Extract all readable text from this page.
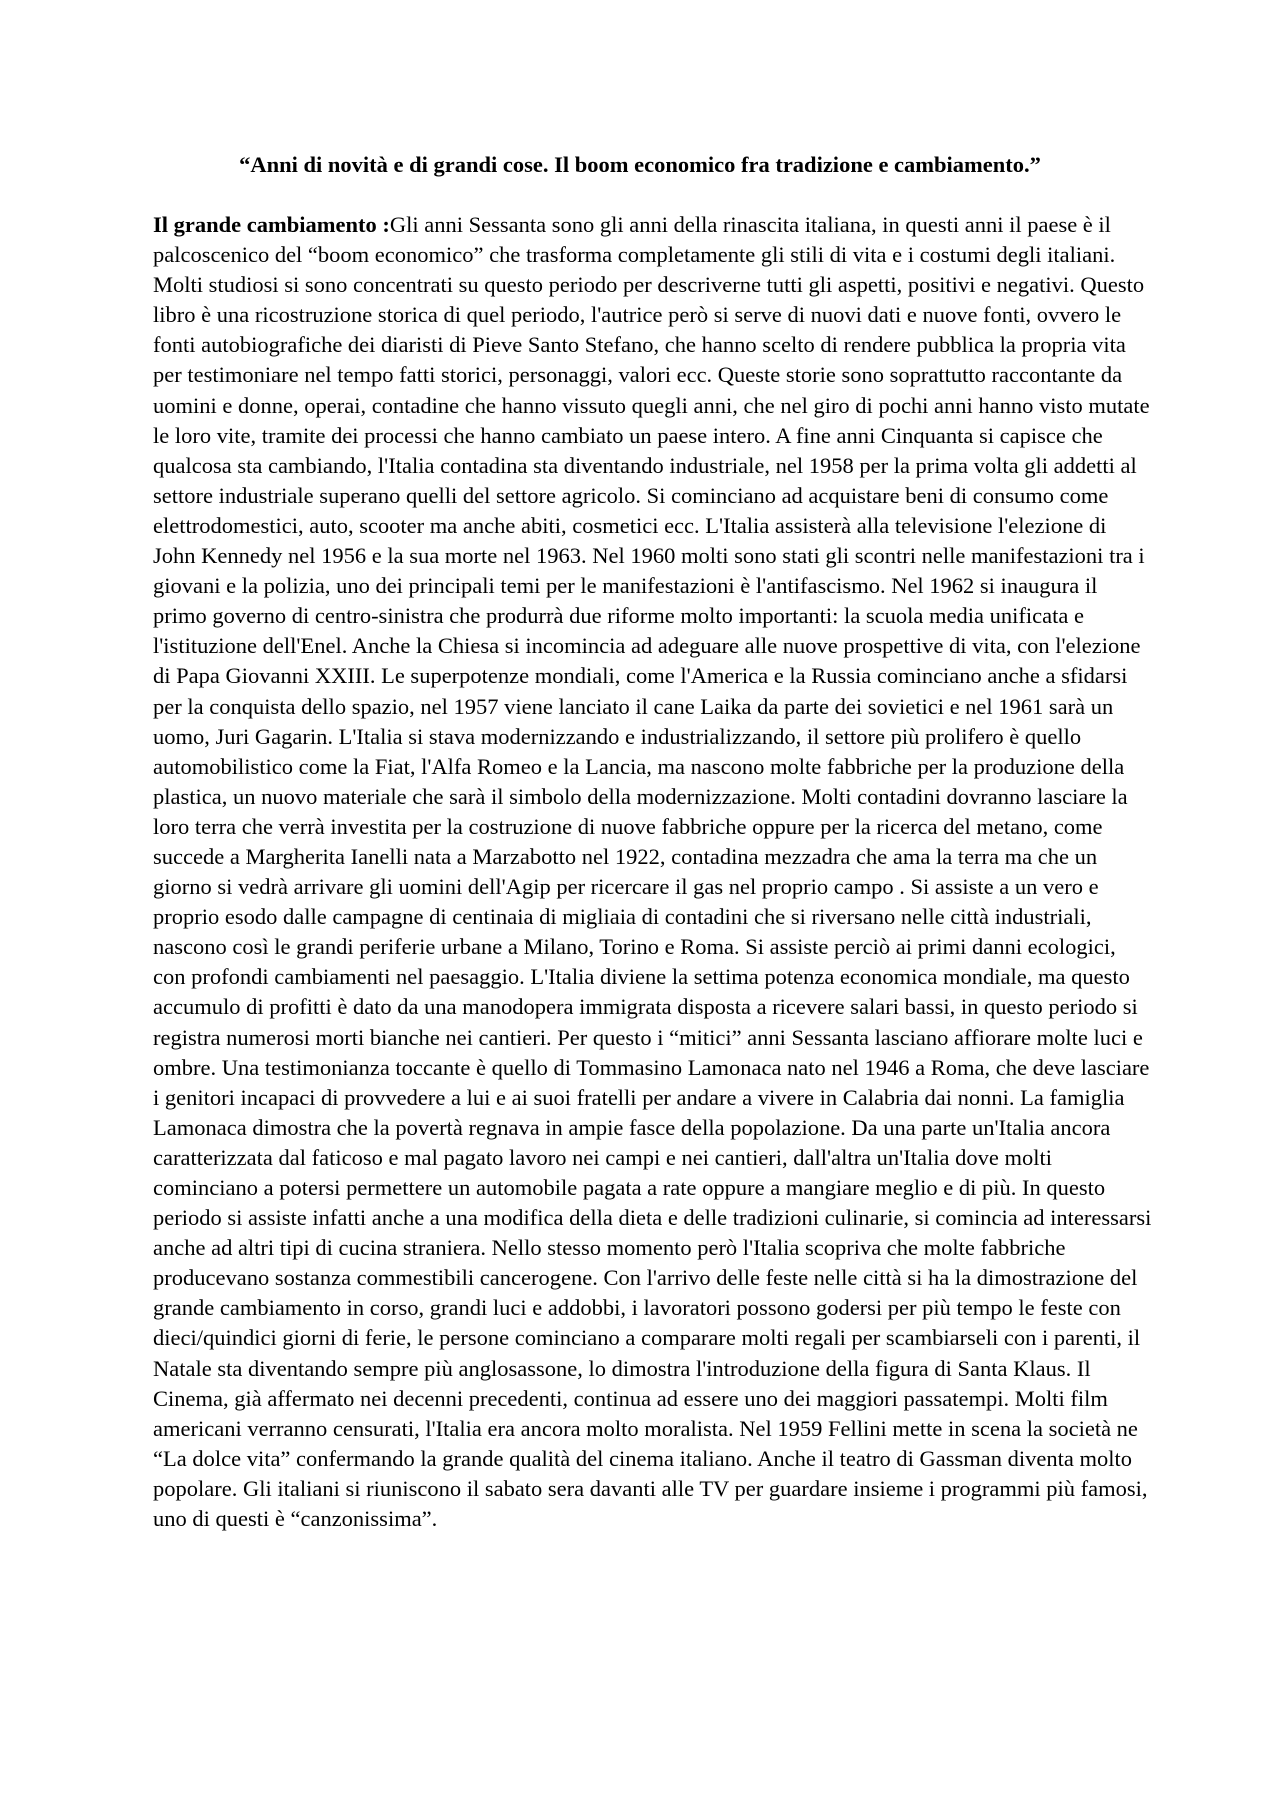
“Anni di novità e di grandi cose. Il boom economico fra tradizione e cambiamento.”

Il grande cambiamento :Gli anni Sessanta sono gli anni della rinascita italiana, in questi anni il paese è il palcoscenico del “boom economico” che trasforma completamente gli stili di vita e i costumi degli italiani. Molti studiosi si sono concentrati su questo periodo per descriverne tutti gli aspetti, positivi e negativi. Questo libro è una ricostruzione storica di quel periodo, l'autrice però si serve di nuovi dati e nuove fonti, ovvero le fonti autobiografiche dei diaristi di Pieve Santo Stefano, che hanno scelto di rendere pubblica la propria vita per testimoniare nel tempo fatti storici, personaggi, valori ecc. Queste storie sono soprattutto raccontante da uomini e donne, operai, contadine che hanno vissuto quegli anni, che nel giro di pochi anni hanno visto mutate le loro vite, tramite dei processi che hanno cambiato un paese intero. A fine anni Cinquanta si capisce che qualcosa sta cambiando, l'Italia contadina sta diventando industriale, nel 1958 per la prima volta gli addetti al settore industriale superano quelli del settore agricolo. Si cominciano ad acquistare beni di consumo come elettrodomestici, auto, scooter ma anche abiti, cosmetici ecc. L'Italia assisterà alla televisione l'elezione di John Kennedy nel 1956 e la sua morte nel 1963. Nel 1960 molti sono stati gli scontri nelle manifestazioni tra i giovani e la polizia, uno dei principali temi per le manifestazioni è l'antifascismo. Nel 1962 si inaugura il primo governo di centro-sinistra che produrrà due riforme molto importanti: la scuola media unificata e l'istituzione dell'Enel. Anche la Chiesa si incomincia ad adeguare alle nuove prospettive di vita, con l'elezione di Papa Giovanni XXIII. Le superpotenze mondiali, come l'America e la Russia cominciano anche a sfidarsi per la conquista dello spazio, nel 1957 viene lanciato il cane Laika da parte dei sovietici e nel 1961 sarà un uomo, Juri Gagarin. L'Italia si stava modernizzando e industrializzando, il settore più prolifero è quello automobilistico come la Fiat, l'Alfa Romeo e la Lancia, ma nascono molte fabbriche per la produzione della plastica, un nuovo materiale che sarà il simbolo della modernizzazione. Molti contadini dovranno lasciare la loro terra che verrà investita per la costruzione di nuove fabbriche oppure per la ricerca del metano, come succede a Margherita Ianelli nata a Marzabotto nel 1922, contadina mezzadra che ama la terra ma che un giorno si vedrà arrivare gli uomini dell'Agip per ricercare il gas nel proprio campo . Si assiste a un vero e proprio esodo dalle campagne di centinaia di migliaia di contadini che si riversano nelle città industriali, nascono così le grandi periferie urbane a Milano, Torino e Roma. Si assiste perciò ai primi danni ecologici, con profondi cambiamenti nel paesaggio. L'Italia diviene la settima potenza economica mondiale, ma questo accumulo di profitti è dato da una manodopera immigrata disposta a ricevere salari bassi, in questo periodo si registra numerosi morti bianche nei cantieri. Per questo i “mitici” anni Sessanta lasciano affiorare molte luci e ombre. Una testimonianza toccante è quello di Tommasino Lamonaca nato nel 1946 a Roma, che deve lasciare i genitori incapaci di provvedere a lui e ai suoi fratelli per andare a vivere in Calabria dai nonni. La famiglia Lamonaca dimostra che la povertà regnava in ampie fasce della popolazione. Da una parte un'Italia ancora caratterizzata dal faticoso e mal pagato lavoro nei campi e nei cantieri, dall'altra un'Italia dove molti cominciano a potersi permettere un automobile pagata a rate oppure a mangiare meglio e di più. In questo periodo si assiste infatti anche a una modifica della dieta e delle tradizioni culinarie, si comincia ad interessarsi anche ad altri tipi di cucina straniera. Nello stesso momento però l'Italia scopriva che molte fabbriche producevano sostanza commestibili cancerogene. Con l'arrivo delle feste nelle città si ha la dimostrazione del grande cambiamento in corso, grandi luci e addobbi, i lavoratori possono godersi per più tempo le feste con dieci/quindici giorni di ferie, le persone cominciano a comparare molti regali per scambiarseli con i parenti, il Natale sta diventando sempre più anglosassone, lo dimostra l'introduzione della figura di Santa Klaus. Il Cinema, già affermato nei decenni precedenti, continua ad essere uno dei maggiori passatempi. Molti film americani verranno censurati, l'Italia era ancora molto moralista. Nel 1959 Fellini mette in scena la società ne “La dolce vita” confermando la grande qualità del cinema italiano. Anche il teatro di Gassman diventa molto popolare. Gli italiani si riuniscono il sabato sera davanti alle TV per guardare insieme i programmi più famosi, uno di questi è “canzonissima”.
